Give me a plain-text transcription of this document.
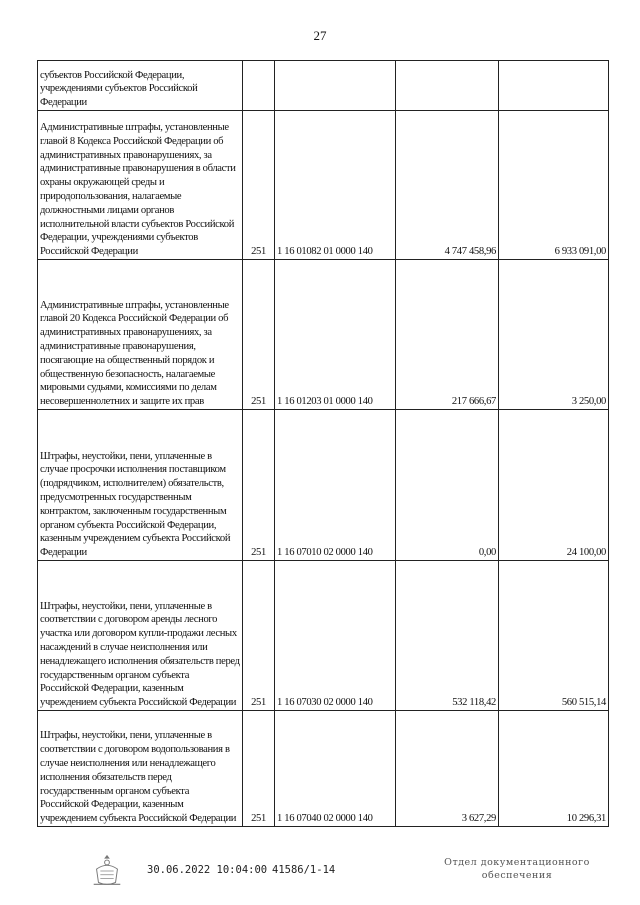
27
субъектов Российской Федерации, учреждениями субъектов Российской Федерации				
Административные штрафы, установленные главой 8 Кодекса Российской Федерации об административных правонарушениях, за административные правонарушения в области охраны окружающей среды и природопользования, налагаемые должностными лицами органов исполнительной власти субъектов Российской Федерации, учреждениями субъектов Российской Федерации	251	1 16 01082 01 0000 140	4 747 458,96	6 933 091,00
Административные штрафы, установленные главой 20 Кодекса Российской Федерации об административных правонарушениях, за административные правонарушения, посягающие на общественный порядок и общественную безопасность, налагаемые мировыми судьями, комиссиями по делам несовершеннолетних и защите их прав	251	1 16 01203 01 0000 140	217 666,67	3 250,00
Штрафы, неустойки, пени, уплаченные в случае просрочки исполнения поставщиком (подрядчиком, исполнителем) обязательств, предусмотренных государственным контрактом, заключенным государственным органом субъекта Российской Федерации, казенным учреждением субъекта Российской Федерации	251	1 16 07010 02 0000 140	0,00	24 100,00
Штрафы, неустойки, пени, уплаченные в соответствии с договором аренды лесного участка или договором купли-продажи лесных насаждений в случае неисполнения или ненадлежащего исполнения обязательств перед государственным органом субъекта Российской Федерации, казенным учреждением субъекта Российской Федерации	251	1 16 07030 02 0000 140	532 118,42	560 515,14
Штрафы, неустойки, пени, уплаченные в соответствии с договором водопользования в случае неисполнения или ненадлежащего исполнения обязательств перед государственным органом субъекта Российской Федерации, казенным учреждением субъекта Российской Федерации	251	1 16 07040 02 0000 140	3 627,29	10 296,31
30.06.2022 10:04:00 41586/1-14
Отдел документационного обеспечения
